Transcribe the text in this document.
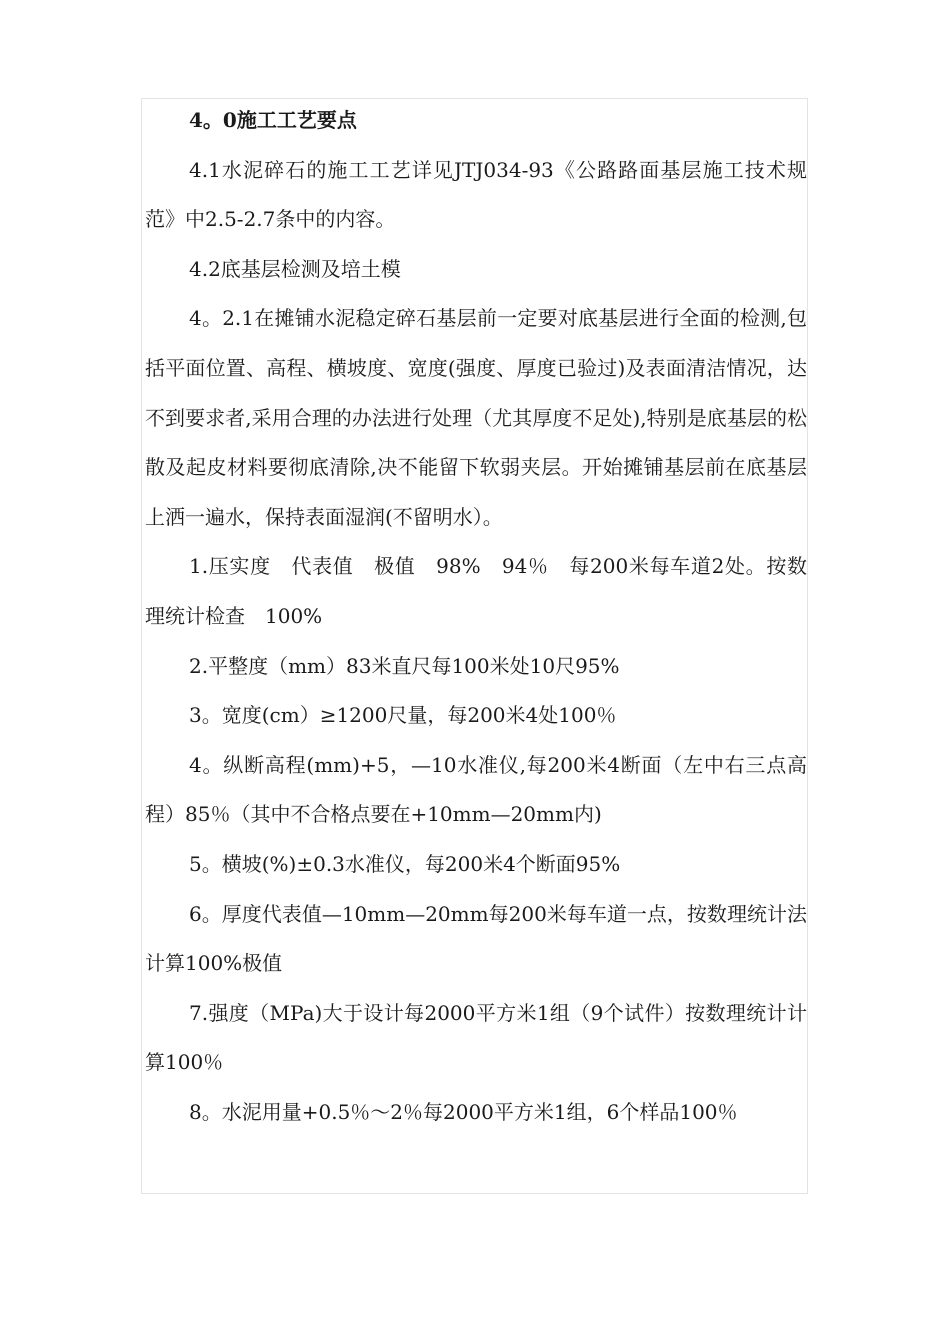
4。0施工工艺要点

4.1水泥碎石的施工工艺详见JTJ034-93《公路路面基层施工技术规范》中2.5-2.7条中的内容。

4.2底基层检测及培土模

4。2.1在摊铺水泥稳定碎石基层前一定要对底基层进行全面的检测,包括平面位置、高程、横坡度、宽度(强度、厚度已验过)及表面清洁情况，达不到要求者,采用合理的办法进行处理（尤其厚度不足处),特别是底基层的松散及起皮材料要彻底清除,决不能留下软弱夹层。开始摊铺基层前在底基层上洒一遍水，保持表面湿润(不留明水）。

1.压实度　代表值　极值　98%　94％　每200米每车道2处。按数理统计检查　100%

2.平整度（mm）83米直尺每100米处10尺95%

3。宽度(cm）≥1200尺量，每200米4处100％

4。纵断高程(mm)+5，—10水准仪,每200米4断面（左中右三点高程）85％（其中不合格点要在+10mm—20mm内)

5。横坡(%)±0.3水准仪，每200米4个断面95%

6。厚度代表值—10mm—20mm每200米每车道一点，按数理统计法计算100%极值

7.强度（MPa)大于设计每2000平方米1组（9个试件）按数理统计计算100％

8。水泥用量+0.5％～2％每2000平方米1组，6个样品100％
